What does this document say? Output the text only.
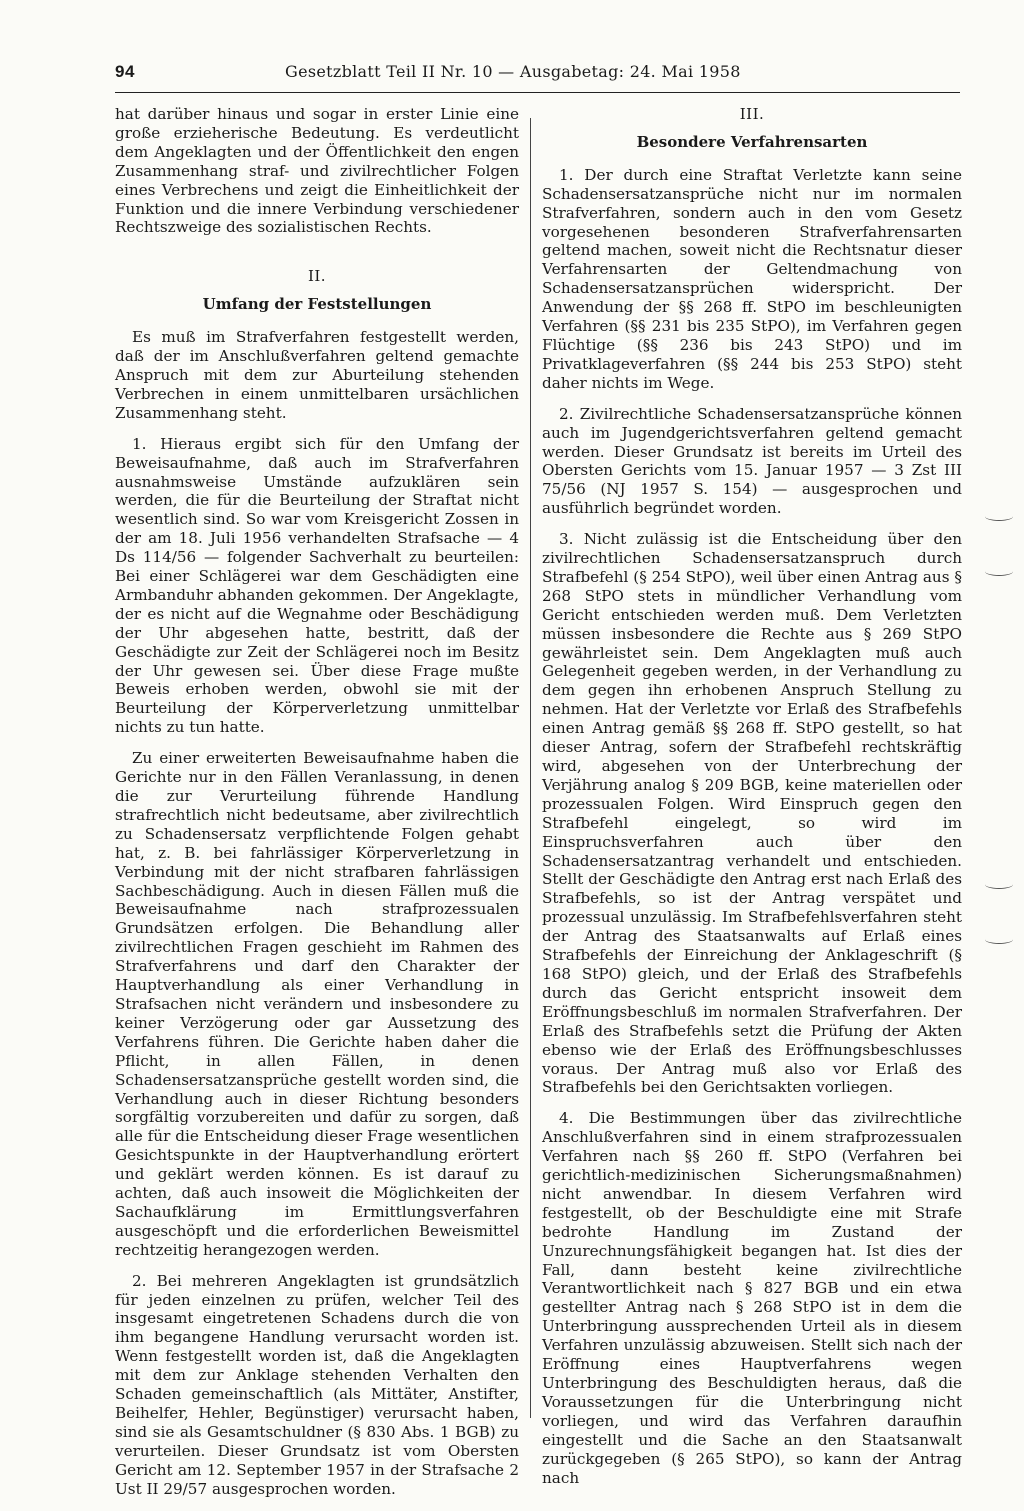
94	Gesetzblatt Teil II Nr. 10 — Ausgabetag: 24. Mai 1958

hat darüber hinaus und sogar in erster Linie eine große erzieherische Bedeutung. Es verdeutlicht dem Angeklagten und der Öffentlichkeit den engen Zusammenhang straf- und zivilrechtlicher Folgen eines Verbrechens und zeigt die Einheitlichkeit der Funktion und die innere Verbindung verschiedener Rechtszweige des sozialistischen Rechts.

II.
Umfang der Feststellungen

Es muß im Strafverfahren festgestellt werden, daß der im Anschlußverfahren geltend gemachte Anspruch mit dem zur Aburteilung stehenden Verbrechen in einem unmittelbaren ursächlichen Zusammenhang steht.

1. Hieraus ergibt sich für den Umfang der Beweisaufnahme, daß auch im Strafverfahren ausnahmsweise Umstände aufzuklären sein werden, die für die Beurteilung der Straftat nicht wesentlich sind. So war vom Kreisgericht Zossen in der am 18. Juli 1956 verhandelten Strafsache — 4 Ds 114/56 — folgender Sachverhalt zu beurteilen: Bei einer Schlägerei war dem Geschädigten eine Armbanduhr abhanden gekommen. Der Angeklagte, der es nicht auf die Wegnahme oder Beschädigung der Uhr abgesehen hatte, bestritt, daß der Geschädigte zur Zeit der Schlägerei noch im Besitz der Uhr gewesen sei. Über diese Frage mußte Beweis erhoben werden, obwohl sie mit der Beurteilung der Körperverletzung unmittelbar nichts zu tun hatte.

Zu einer erweiterten Beweisaufnahme haben die Gerichte nur in den Fällen Veranlassung, in denen die zur Verurteilung führende Handlung strafrechtlich nicht bedeutsame, aber zivilrechtlich zu Schadensersatz verpflichtende Folgen gehabt hat, z. B. bei fahrlässiger Körperverletzung in Verbindung mit der nicht strafbaren fahrlässigen Sachbeschädigung. Auch in diesen Fällen muß die Beweisaufnahme nach strafprozessualen Grundsätzen erfolgen. Die Behandlung aller zivilrechtlichen Fragen geschieht im Rahmen des Strafverfahrens und darf den Charakter der Hauptverhandlung als einer Verhandlung in Strafsachen nicht verändern und insbesondere zu keiner Verzögerung oder gar Aussetzung des Verfahrens führen. Die Gerichte haben daher die Pflicht, in allen Fällen, in denen Schadensersatzansprüche gestellt worden sind, die Verhandlung auch in dieser Richtung besonders sorgfältig vorzubereiten und dafür zu sorgen, daß alle für die Entscheidung dieser Frage wesentlichen Gesichtspunkte in der Hauptverhandlung erörtert und geklärt werden können. Es ist darauf zu achten, daß auch insoweit die Möglichkeiten der Sachaufklärung im Ermittlungsverfahren ausgeschöpft und die erforderlichen Beweismittel rechtzeitig herangezogen werden.

2. Bei mehreren Angeklagten ist grundsätzlich für jeden einzelnen zu prüfen, welcher Teil des insgesamt eingetretenen Schadens durch die von ihm begangene Handlung verursacht worden ist. Wenn festgestellt worden ist, daß die Angeklagten mit dem zur Anklage stehenden Verhalten den Schaden gemeinschaftlich (als Mittäter, Anstifter, Beihelfer, Hehler, Begünstiger) verursacht haben, sind sie als Gesamtschuldner (§ 830 Abs. 1 BGB) zu verurteilen. Dieser Grundsatz ist vom Obersten Gericht am 12. September 1957 in der Strafsache 2 Ust II 29/57 ausgesprochen worden.

III.
Besondere Verfahrensarten

1. Der durch eine Straftat Verletzte kann seine Schadensersatzansprüche nicht nur im normalen Strafverfahren, sondern auch in den vom Gesetz vorgesehenen besonderen Strafverfahrensarten geltend machen, soweit nicht die Rechtsnatur dieser Verfahrensarten der Geltendmachung von Schadensersatzansprüchen widerspricht. Der Anwendung der §§ 268 ff. StPO im beschleunigten Verfahren (§§ 231 bis 235 StPO), im Verfahren gegen Flüchtige (§§ 236 bis 243 StPO) und im Privatklageverfahren (§§ 244 bis 253 StPO) steht daher nichts im Wege.

2. Zivilrechtliche Schadensersatzansprüche können auch im Jugendgerichtsverfahren geltend gemacht werden. Dieser Grundsatz ist bereits im Urteil des Obersten Gerichts vom 15. Januar 1957 — 3 Zst III 75/56 (NJ 1957 S. 154) — ausgesprochen und ausführlich begründet worden.

3. Nicht zulässig ist die Entscheidung über den zivilrechtlichen Schadensersatzanspruch durch Strafbefehl (§ 254 StPO), weil über einen Antrag aus § 268 StPO stets in mündlicher Verhandlung vom Gericht entschieden werden muß. Dem Verletzten müssen insbesondere die Rechte aus § 269 StPO gewährleistet sein. Dem Angeklagten muß auch Gelegenheit gegeben werden, in der Verhandlung zu dem gegen ihn erhobenen Anspruch Stellung zu nehmen. Hat der Verletzte vor Erlaß des Strafbefehls einen Antrag gemäß §§ 268 ff. StPO gestellt, so hat dieser Antrag, sofern der Strafbefehl rechtskräftig wird, abgesehen von der Unterbrechung der Verjährung analog § 209 BGB, keine materiellen oder prozessualen Folgen. Wird Einspruch gegen den Strafbefehl eingelegt, so wird im Einspruchsverfahren auch über den Schadensersatzantrag verhandelt und entschieden. Stellt der Geschädigte den Antrag erst nach Erlaß des Strafbefehls, so ist der Antrag verspätet und prozessual unzulässig. Im Strafbefehlsverfahren steht der Antrag des Staatsanwalts auf Erlaß eines Strafbefehls der Einreichung der Anklageschrift (§ 168 StPO) gleich, und der Erlaß des Strafbefehls durch das Gericht entspricht insoweit dem Eröffnungsbeschluß im normalen Strafverfahren. Der Erlaß des Strafbefehls setzt die Prüfung der Akten ebenso wie der Erlaß des Eröffnungsbeschlusses voraus. Der Antrag muß also vor Erlaß des Strafbefehls bei den Gerichtsakten vorliegen.

4. Die Bestimmungen über das zivilrechtliche Anschlußverfahren sind in einem strafprozessualen Verfahren nach §§ 260 ff. StPO (Verfahren bei gerichtlich-medizinischen Sicherungsmaßnahmen) nicht anwendbar. In diesem Verfahren wird festgestellt, ob der Beschuldigte eine mit Strafe bedrohte Handlung im Zustand der Unzurechnungsfähigkeit begangen hat. Ist dies der Fall, dann besteht keine zivilrechtliche Verantwortlichkeit nach § 827 BGB und ein etwa gestellter Antrag nach § 268 StPO ist in dem die Unterbringung aussprechenden Urteil als in diesem Verfahren unzulässig abzuweisen. Stellt sich nach der Eröffnung eines Hauptverfahrens wegen Unterbringung des Beschuldigten heraus, daß die Voraussetzungen für die Unterbringung nicht vorliegen, und wird das Verfahren daraufhin eingestellt und die Sache an den Staatsanwalt zurückgegeben (§ 265 StPO), so kann der Antrag nach
